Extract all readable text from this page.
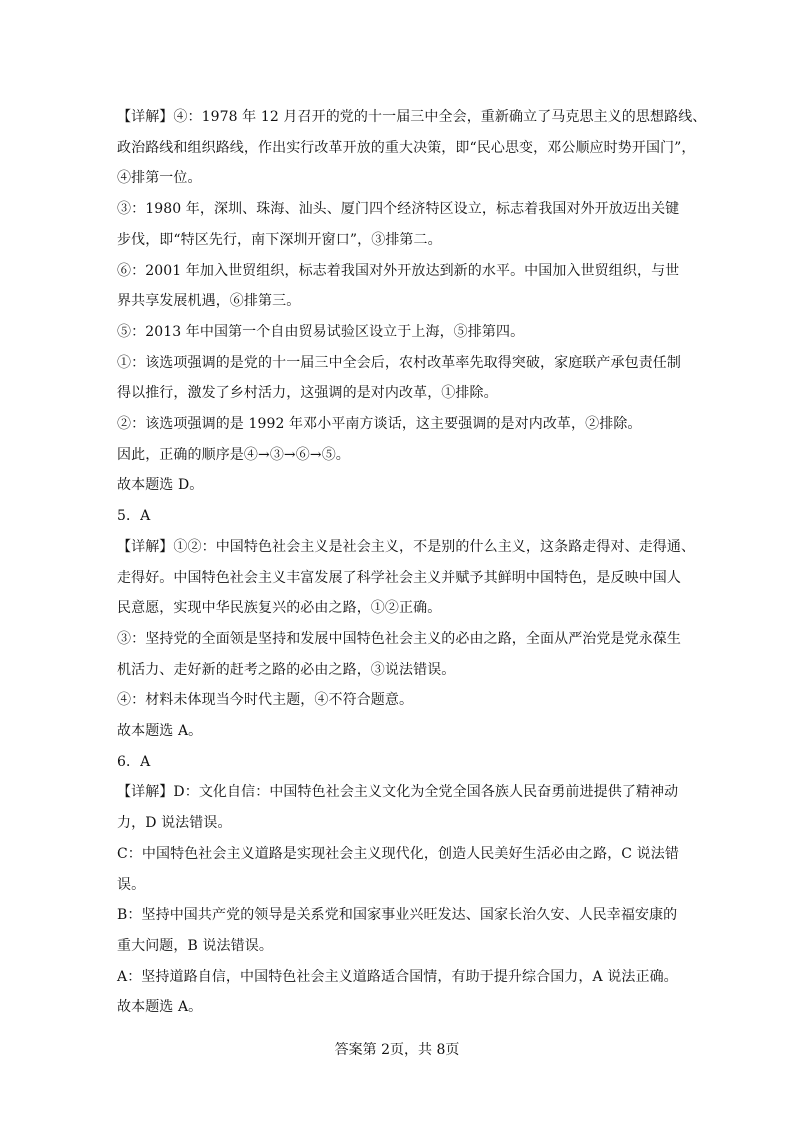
【详解】④：1978 年 12 月召开的党的十一届三中全会，重新确立了马克思主义的思想路线、
政治路线和组织路线，作出实行改革开放的重大决策，即“民心思变，邓公顺应时势开国门”，
④排第一位。
③：1980 年，深圳、珠海、汕头、厦门四个经济特区设立，标志着我国对外开放迈出关键
步伐，即“特区先行，南下深圳开窗口”，③排第二。
⑥：2001 年加入世贸组织，标志着我国对外开放达到新的水平。中国加入世贸组织，与世
界共享发展机遇，⑥排第三。
⑤：2013 年中国第一个自由贸易试验区设立于上海，⑤排第四。
①：该选项强调的是党的十一届三中全会后，农村改革率先取得突破，家庭联产承包责任制
得以推行，激发了乡村活力，这强调的是对内改革，①排除。
②：该选项强调的是 1992 年邓小平南方谈话，这主要强调的是对内改革，②排除。
因此，正确的顺序是④→③→⑥→⑤。
故本题选 D。
5．A
【详解】①②：中国特色社会主义是社会主义，不是别的什么主义，这条路走得对、走得通、
走得好。中国特色社会主义丰富发展了科学社会主义并赋予其鲜明中国特色，是反映中国人
民意愿，实现中华民族复兴的必由之路，①②正确。
③：坚持党的全面领是坚持和发展中国特色社会主义的必由之路，全面从严治党是党永葆生
机活力、走好新的赶考之路的必由之路，③说法错误。
④：材料未体现当今时代主题，④不符合题意。
故本题选 A。
6．A
【详解】D：文化自信：中国特色社会主义文化为全党全国各族人民奋勇前进提供了精神动
力，D 说法错误。
C：中国特色社会主义道路是实现社会主义现代化，创造人民美好生活必由之路，C 说法错
误。
B：坚持中国共产党的领导是关系党和国家事业兴旺发达、国家长治久安、人民幸福安康的
重大问题，B 说法错误。
A：坚持道路自信，中国特色社会主义道路适合国情，有助于提升综合国力，A 说法正确。
故本题选 A。
答案第 2页，共 8页
